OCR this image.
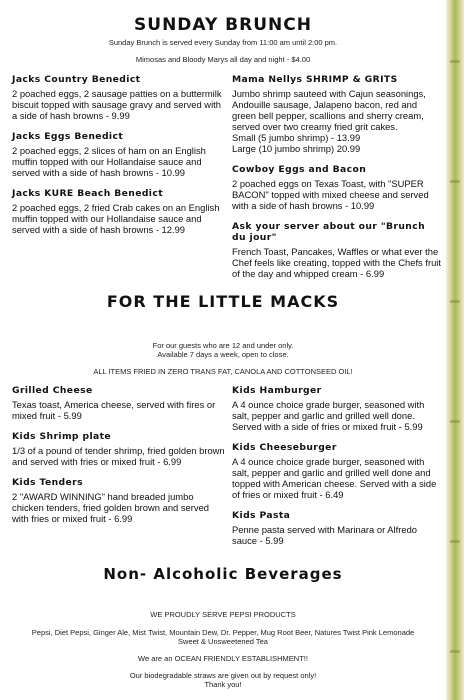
SUNDAY BRUNCH
Sunday Brunch is served every Sunday from 11:00 am until 2:00 pm.
Mimosas and Bloody Marys all day and night - $4.00
Jacks Country Benedict

2 poached eggs, 2 sausage patties on a buttermilk biscuit topped with sausage gravy and served with a side of hash browns - 9.99

Jacks Eggs Benedict

2 poached eggs, 2 slices of ham on an English muffin topped with our Hollandaise sauce and served with a side of hash browns - 10.99

Jacks KURE Beach Benedict

2 poached eggs, 2 fried Crab cakes on an English muffin topped with our Hollandaise sauce and served with a side of hash browns - 12.99

Mama Nellys SHRIMP & GRITS

Jumbo shrimp sauteed with Cajun seasonings, Andouille sausage, Jalapeno bacon, red and green bell pepper, scallions and sherry cream, served over two creamy fried grit cakes.

Small (5 jumbo shrimp) - 13.99

Large (10 jumbo shrimp) 20.99

Cowboy Eggs and Bacon

2 poached eggs on Texas Toast, with "SUPER BACON" topped with mixed cheese and served with a side of hash browns - 10.99

Ask your server about our "Brunch du jour"

French Toast, Pancakes, Waffles or what ever the Chef feels like creating, topped with the Chefs fruit of the day and whipped cream - 6.99

FOR THE LITTLE MACKS
For our guests who are 12 and under only.
Available 7 days a week, open to close.
ALL ITEMS FRIED IN ZERO TRANS FAT, CANOLA AND COTTONSEED OIL!
Grilled Cheese

Texas toast, America cheese, served with fires or mixed fruit - 5.99

Kids Shrimp plate

1/3 of a pound of tender shrimp, fried golden brown and served with fries or mixed fruit - 6.99

Kids Tenders

2 "AWARD WINNING" hand breaded jumbo chicken tenders, fried golden brown and served with fries or mixed fruit - 6.99

Kids Hamburger

A 4 ounce choice grade burger, seasoned with salt, pepper and garlic and grilled well done. Served with a side of fries or mixed fruit - 5.99

Kids Cheeseburger

A 4 ounce choice grade burger, seasoned with salt, pepper and garlic and grilled well done and topped with American cheese. Served with a side of fries or mixed fruit - 6.49

Kids Pasta

Penne pasta served with Marinara or Alfredo sauce - 5.99

Non- Alcoholic Beverages
WE PROUDLY SERVE PEPSI PRODUCTS
Pepsi, Diet Pepsi, Ginger Ale, Mist Twist, Mountain Dew, Dr. Pepper, Mug Root Beer, Natures Twist Pink Lemonade
Sweet & Unsweetened Tea
We are an OCEAN FRIENDLY ESTABLISHMENT!!
Our biodegradable straws are given out by request only!
Thank you!
